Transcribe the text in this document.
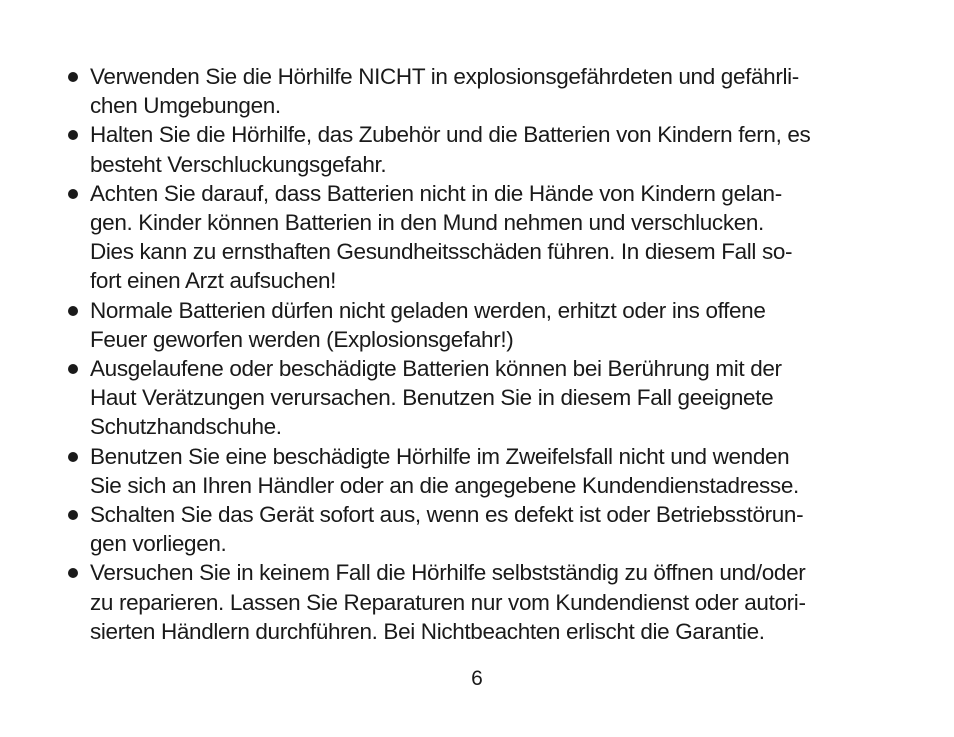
Verwenden Sie die Hörhilfe NICHT in explosionsgefährdeten und gefährli-
chen Umgebungen.
Halten Sie die Hörhilfe, das Zubehör und die Batterien von Kindern fern, es
besteht Verschluckungsgefahr.
Achten Sie darauf, dass Batterien nicht in die Hände von Kindern gelan-
gen. Kinder können Batterien in den Mund nehmen und verschlucken.
Dies kann zu ernsthaften Gesundheitsschäden führen. In diesem Fall so-
fort einen Arzt aufsuchen!
Normale Batterien dürfen nicht geladen werden, erhitzt oder ins offene
Feuer geworfen werden (Explosionsgefahr!)
Ausgelaufene oder beschädigte Batterien können bei Berührung mit der
Haut Verätzungen verursachen. Benutzen Sie in diesem Fall geeignete
Schutzhandschuhe.
Benutzen Sie eine beschädigte Hörhilfe im Zweifelsfall nicht und wenden
Sie sich an Ihren Händler oder an die angegebene Kundendienstadresse.
Schalten Sie das Gerät sofort aus, wenn es defekt ist oder Betriebsstörun-
gen vorliegen.
Versuchen Sie in keinem Fall die Hörhilfe selbstständig zu öffnen und/oder
zu reparieren. Lassen Sie Reparaturen nur vom Kundendienst oder autori-
sierten Händlern durchführen. Bei Nichtbeachten erlischt die Garantie.
6
